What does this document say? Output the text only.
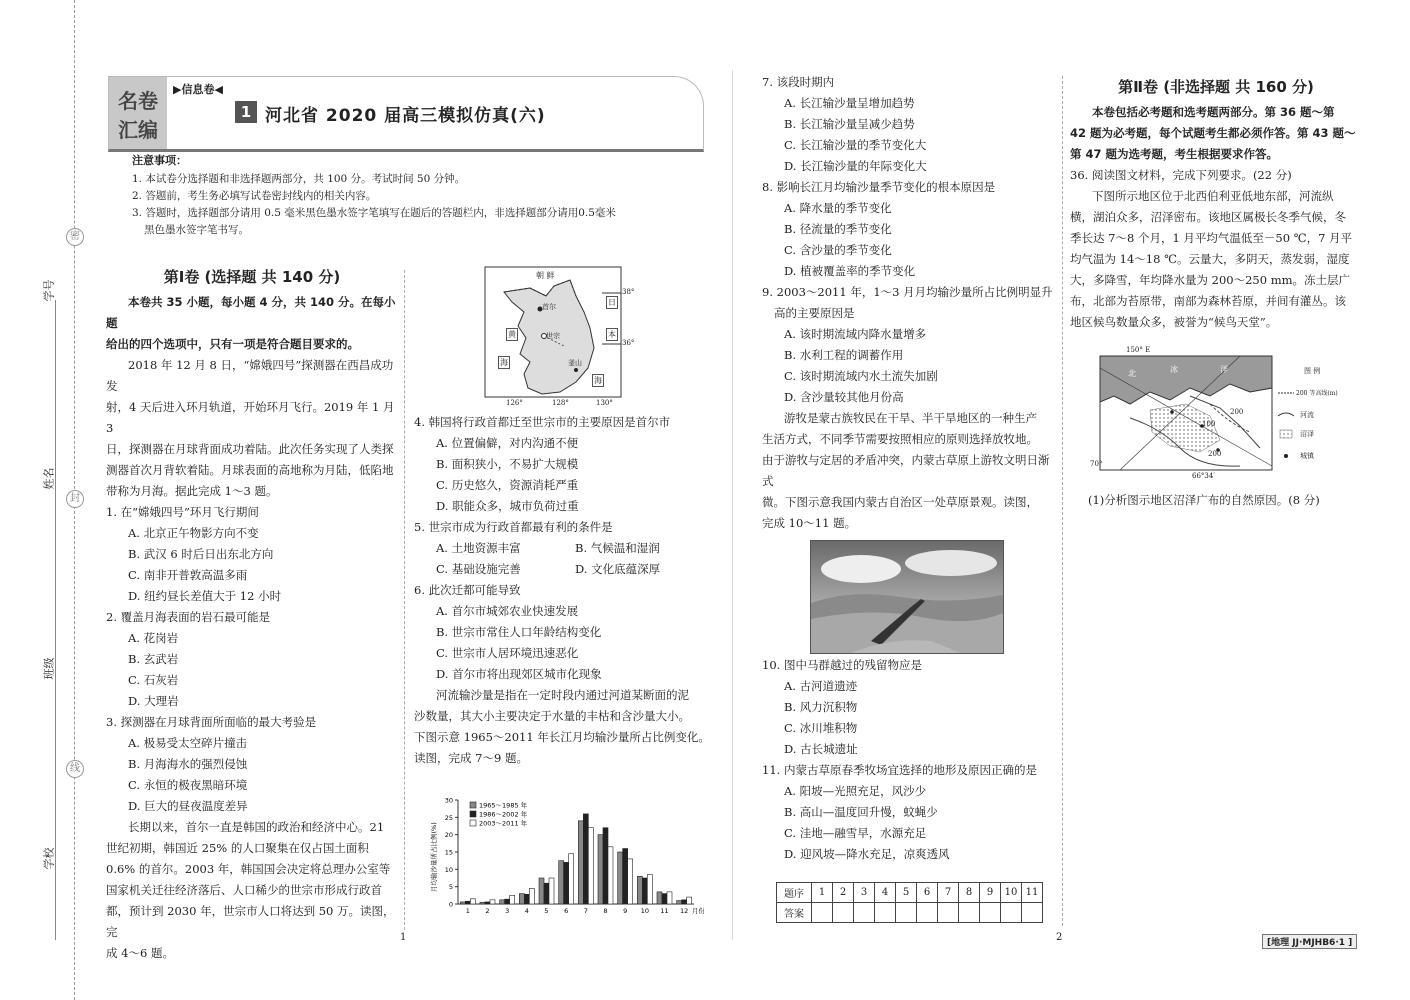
密
封
线
学号
姓名
班级
学校
名卷
汇编
▶信息卷◀
1 河北省 2020 届高三模拟仿真(六)

注意事项：

1. 本试卷分选择题和非选择题两部分，共 100 分。考试时间 50 分钟。

2. 答题前，考生务必填写试卷密封线内的相关内容。

3. 答题时，选择题部分请用 0.5 毫米黑色墨水签字笔填写在题后的答题栏内，非选择题部分请用0.5毫米

黑色墨水签字笔书写。

第Ⅰ卷 (选择题 共 140 分)

本卷共 35 小题，每小题 4 分，共 140 分。在每小题

给出的四个选项中，只有一项是符合题目要求的。

2018 年 12 月 8 日，“嫦娥四号”探测器在西昌成功发

射，4 天后进入环月轨道，开始环月飞行。2019 年 1 月 3

日，探测器在月球背面成功着陆。此次任务实现了人类探

测器首次月背软着陆。月球表面的高地称为月陆，低陷地

带称为月海。据此完成 1～3 题。

1. 在“嫦娥四号”环月飞行期间

A. 北京正午物影方向不变

B. 武汉 6 时后日出东北方向

C. 南非开普敦高温多雨

D. 纽约昼长差值大于 12 小时

2. 覆盖月海表面的岩石最可能是

A. 花岗岩

B. 玄武岩

C. 石灰岩

D. 大理岩

3. 探测器在月球背面所面临的最大考验是

A. 极易受太空碎片撞击

B. 月海海水的强烈侵蚀

C. 永恒的极夜黑暗环境

D. 巨大的昼夜温度差异

长期以来，首尔一直是韩国的政治和经济中心。21

世纪初期，韩国近 25% 的人口聚集在仅占国土面积

0.6% 的首尔。2003 年，韩国国会决定将总理办公室等

国家机关迁往经济落后、人口稀少的世宗市形成行政首

都，预计到 2030 年，世宗市人口将达到 50 万。读图，完

成 4～6 题。

朝 鲜
首尔
世宗
釜山
黄
海
日
本
海
38°
36°
126°	128°	130°

4. 韩国将行政首都迁至世宗市的主要原因是首尔市

A. 位置偏僻，对内沟通不便

B. 面积狭小，不易扩大规模

C. 历史悠久，资源消耗严重

D. 职能众多，城市负荷过重

5. 世宗市成为行政首都最有利的条件是

A. 土地资源丰富	B. 气候温和湿润

C. 基础设施完善	D. 文化底蕴深厚

6. 此次迁都可能导致

A. 首尔市城郊农业快速发展

B. 世宗市常住人口年龄结构变化

C. 世宗市人居环境迅速恶化

D. 首尔市将出现郊区城市化现象

河流输沙量是指在一定时段内通过河道某断面的泥

沙数量，其大小主要决定于水量的丰枯和含沙量大小。

下图示意 1965～2011 年长江月均输沙量所占比例变化。

读图，完成 7～9 题。

0
5
10
15
20
25
30
月均输沙量所占比例(%)
1 2 3 4 5 6 7 8 9 10 11 12 月份
1965～1985 年
1986～2002 年
2003～2011 年
1

7. 该段时期内

A. 长江输沙量呈增加趋势

B. 长江输沙量呈减少趋势

C. 长江输沙量的季节变化大

D. 长江输沙量的年际变化大

8. 影响长江月均输沙量季节变化的根本原因是

A. 降水量的季节变化

B. 径流量的季节变化

C. 含沙量的季节变化

D. 植被覆盖率的季节变化

9. 2003～2011 年，1～3 月月均输沙量所占比例明显升

高的主要原因是

A. 该时期流域内降水量增多

B. 水利工程的调蓄作用

C. 该时期流域内水土流失加剧

D. 含沙量较其他月份高

游牧是蒙古族牧民在干旱、半干旱地区的一种生产

生活方式，不同季节需要按照相应的原则选择放牧地。

由于游牧与定居的矛盾冲突，内蒙古草原上游牧文明日渐式

微。下图示意我国内蒙古自治区一处草原景观。读图，

完成 10～11 题。

10. 图中马群越过的残留物应是

A. 古河道遗迹

B. 风力沉积物

C. 冰川堆积物

D. 古长城遗址

11. 内蒙古草原春季牧场宜选择的地形及原因正确的是

A. 阳坡—光照充足，风沙少

B. 高山—温度回升慢，蚊蝇少

C. 洼地—融雪早，水源充足

D. 迎风坡—降水充足，凉爽透风

题序	1	2	3	4	5	6	7	8	9	10	11
答案											
2

第Ⅱ卷 (非选择题 共 160 分)

本卷包括必考题和选考题两部分。第 36 题～第

42 题为必考题，每个试题考生都必须作答。第 43 题～

第 47 题为选考题，考生根据要求作答。

36. 阅读图文材料，完成下列要求。(22 分)

下图所示地区位于北西伯利亚低地东部，河流纵

横，湖泊众多，沼泽密布。该地区属极长冬季气候，冬

季长达 7～8 个月，1 月平均气温低至－50 ℃，7 月平

均气温为 14～18 ℃。云量大，多阴天，蒸发弱，湿度

大，多降雪，年均降水量为 200～250 mm。冻土层广

布，北部为苔原带，南部为森林苔原，并间有灌丛。该

地区候鸟数量众多，被誉为“候鸟天堂”。

150° E
70°
66°34′
北	冰	洋
200
100
200
图 例
200 等高线(m)
河流
沼泽
城镇
(1)分析图示地区沼泽广布的自然原因。(8 分)
[地理 JJ·MJHB6·1 ]
